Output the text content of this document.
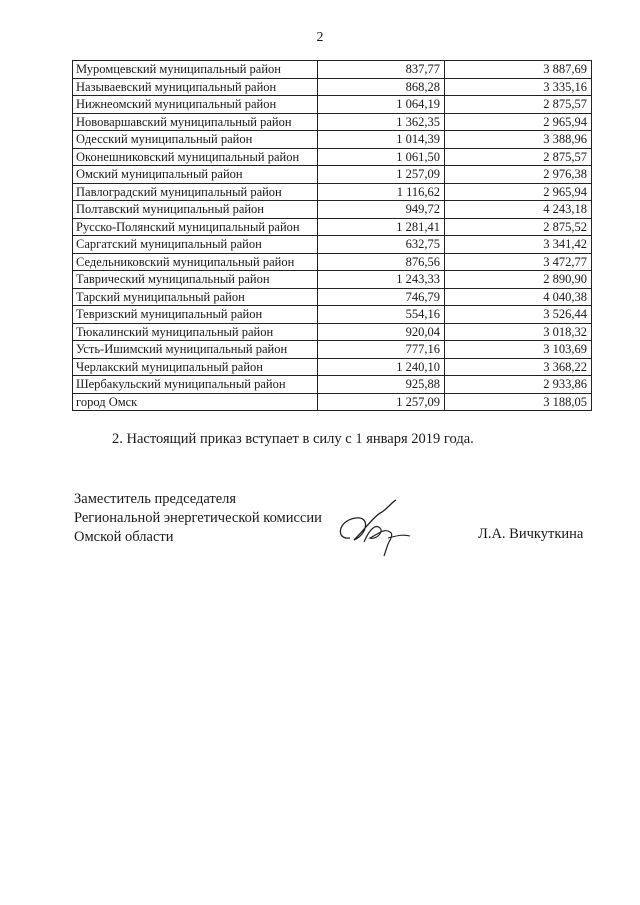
2
Муромцевский муниципальный район	837,77	3 887,69
Называевский муниципальный район	868,28	3 335,16
Нижнеомский муниципальный район	1 064,19	2 875,57
Нововаршавский муниципальный район	1 362,35	2 965,94
Одесский муниципальный район	1 014,39	3 388,96
Оконешниковский муниципальный район	1 061,50	2 875,57
Омский муниципальный район	1 257,09	2 976,38
Павлоградский муниципальный район	1 116,62	2 965,94
Полтавский муниципальный район	949,72	4 243,18
Русско-Полянский муниципальный район	1 281,41	2 875,52
Саргатский муниципальный район	632,75	3 341,42
Седельниковский муниципальный район	876,56	3 472,77
Таврический муниципальный район	1 243,33	2 890,90
Тарский муниципальный район	746,79	4 040,38
Тевризский муниципальный район	554,16	3 526,44
Тюкалинский муниципальный район	920,04	3 018,32
Усть-Ишимский муниципальный район	777,16	3 103,69
Черлакский муниципальный район	1 240,10	3 368,22
Шербакульский муниципальный район	925,88	2 933,86
город Омск	1 257,09	3 188,05
2. Настоящий приказ вступает в силу с 1 января 2019 года.
Заместитель председателя
Региональной энергетической комиссии
Омской области	Л.А. Вичкуткина
